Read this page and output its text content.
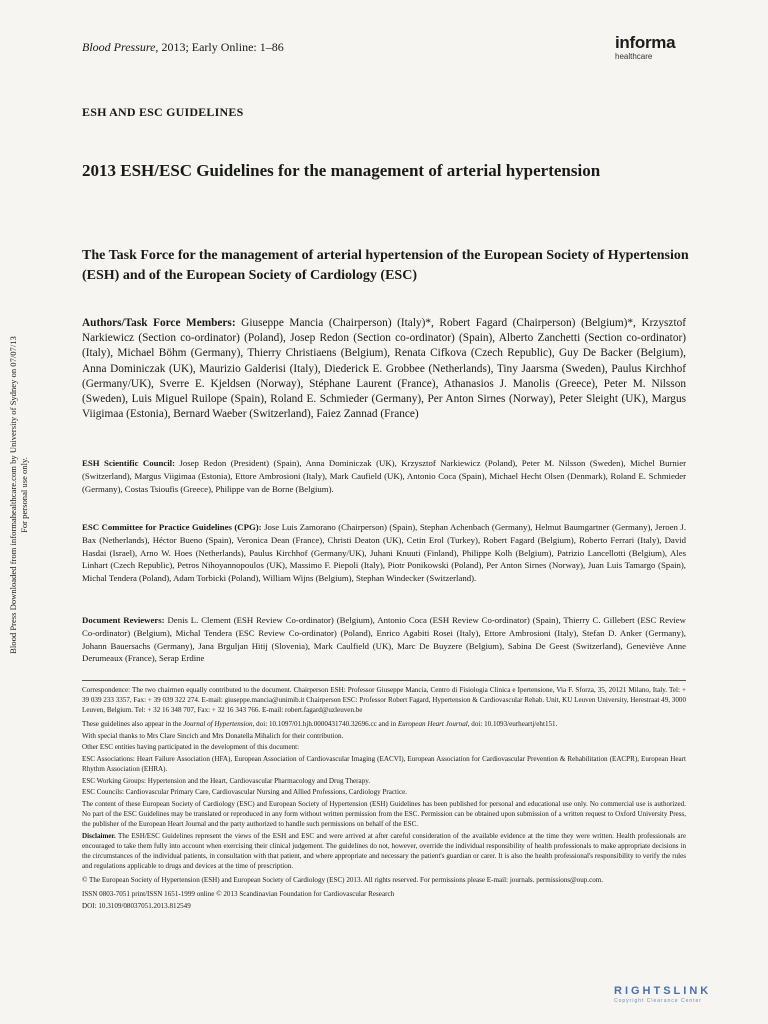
Blood Pressure, 2013; Early Online: 1–86	informa
healthcare
ESH AND ESC GUIDELINES
2013 ESH/ESC Guidelines for the management of arterial hypertension
The Task Force for the management of arterial hypertension of the European Society of Hypertension (ESH) and of the European Society of Cardiology (ESC)
Blood Press Downloaded from informahealthcare.com by University of Sydney on 07/07/13 For personal use only.
Authors/Task Force Members: Giuseppe Mancia (Chairperson) (Italy)*, Robert Fagard (Chairperson) (Belgium)*, Krzysztof Narkiewicz (Section co-ordinator) (Poland), Josep Redon (Section co-ordinator) (Spain), Alberto Zanchetti (Section co-ordinator) (Italy), Michael Böhm (Germany), Thierry Christiaens (Belgium), Renata Cifkova (Czech Republic), Guy De Backer (Belgium), Anna Dominiczak (UK), Maurizio Galderisi (Italy), Diederick E. Grobbee (Netherlands), Tiny Jaarsma (Sweden), Paulus Kirchhof (Germany/UK), Sverre E. Kjeldsen (Norway), Stéphane Laurent (France), Athanasios J. Manolis (Greece), Peter M. Nilsson (Sweden), Luis Miguel Ruilope (Spain), Roland E. Schmieder (Germany), Per Anton Sirnes (Norway), Peter Sleight (UK), Margus Viigimaa (Estonia), Bernard Waeber (Switzerland), Faiez Zannad (France)
ESH Scientific Council: Josep Redon (President) (Spain), Anna Dominiczak (UK), Krzysztof Narkiewicz (Poland), Peter M. Nilsson (Sweden), Michel Burnier (Switzerland), Margus Viigimaa (Estonia), Ettore Ambrosioni (Italy), Mark Caufield (UK), Antonio Coca (Spain), Michael Hecht Olsen (Denmark), Roland E. Schmieder (Germany), Costas Tsioufis (Greece), Philippe van de Borne (Belgium).
ESC Committee for Practice Guidelines (CPG): Jose Luis Zamorano (Chairperson) (Spain), Stephan Achenbach (Germany), Helmut Baumgartner (Germany), Jeroen J. Bax (Netherlands), Héctor Bueno (Spain), Veronica Dean (France), Christi Deaton (UK), Cetin Erol (Turkey), Robert Fagard (Belgium), Roberto Ferrari (Italy), David Hasdai (Israel), Arno W. Hoes (Netherlands), Paulus Kirchhof (Germany/UK), Juhani Knuuti (Finland), Philippe Kolh (Belgium), Patrizio Lancellotti (Belgium), Ales Linhart (Czech Republic), Petros Nihoyannopoulos (UK), Massimo F. Piepoli (Italy), Piotr Ponikowski (Poland), Per Anton Sirnes (Norway), Juan Luis Tamargo (Spain), Michal Tendera (Poland), Adam Torbicki (Poland), William Wijns (Belgium), Stephan Windecker (Switzerland).
Document Reviewers: Denis L. Clement (ESH Review Co-ordinator) (Belgium), Antonio Coca (ESH Review Co-ordinator) (Spain), Thierry C. Gillebert (ESC Review Co-ordinator) (Belgium), Michal Tendera (ESC Review Co-ordinator) (Poland), Enrico Agabiti Rosei (Italy), Ettore Ambrosioni (Italy), Stefan D. Anker (Germany), Johann Bauersachs (Germany), Jana Brguljan Hitij (Slovenia), Mark Caulfield (UK), Marc De Buyzere (Belgium), Sabina De Geest (Switzerland), Geneviève Anne Derumeaux (France), Serap Erdine

Correspondence: The two chairmen equally contributed to the document. Chairperson ESH: Professor Giuseppe Mancia, Centro di Fisiologia Clinica e Ipertensione, Via F. Sforza, 35, 20121 Milano, Italy. Tel: + 39 039 233 3357, Fax: + 39 039 322 274. E-mail: giuseppe.mancia@unimib.it Chairperson ESC: Professor Robert Fagard, Hypertension & Cardiovascular Rehab. Unit, KU Leuven University, Herestraat 49, 3000 Leuven, Belgium. Tel: + 32 16 348 707, Fax: + 32 16 343 766. E-mail: robert.fagard@uzleuven.be

These guidelines also appear in the Journal of Hypertension, doi: 10.1097/01.hjh.0000431740.32696.cc and in European Heart Journal, doi: 10.1093/eurheartj/eht151.

With special thanks to Mrs Clare Sincich and Mrs Donatella Mihalich for their contribution.

Other ESC entities having participated in the development of this document:

ESC Associations: Heart Failure Association (HFA), European Association of Cardiovascular Imaging (EACVI), European Association for Cardiovascular Prevention & Rehabilitation (EACPR), European Heart Rhythm Association (EHRA).

ESC Working Groups: Hypertension and the Heart, Cardiovascular Pharmacology and Drug Therapy.

ESC Councils: Cardiovascular Primary Care, Cardiovascular Nursing and Allied Professions, Cardiology Practice.

The content of these European Society of Cardiology (ESC) and European Society of Hypertension (ESH) Guidelines has been published for personal and educational use only. No commercial use is authorized. No part of the ESC Guidelines may be translated or reproduced in any form without written permission from the ESC. Permission can be obtained upon submission of a written request to Oxford University Press, the publisher of the European Heart Journal and the party authorized to handle such permissions on behalf of the ESC.

Disclaimer. The ESH/ESC Guidelines represent the views of the ESH and ESC and were arrived at after careful consideration of the available evidence at the time they were written. Health professionals are encouraged to take them fully into account when exercising their clinical judgement. The guidelines do not, however, override the individual responsibility of health professionals to make appropriate decisions in the circumstances of the individual patients, in consultation with that patient, and where appropriate and necessary the patient's guardian or carer. It is also the health professional's responsibility to verify the rules and regulations applicable to drugs and devices at the time of prescription.

© The European Society of Hypertension (ESH) and European Society of Cardiology (ESC) 2013. All rights reserved. For permissions please E-mail: journals. permissions@oup.com.

ISSN 0803-7051 print/ISSN 1651-1999 online © 2013 Scandinavian Foundation for Cardiovascular Research

DOI: 10.3109/08037051.2013.812549

RIGHTSLINK
Copyright Clearance Center
